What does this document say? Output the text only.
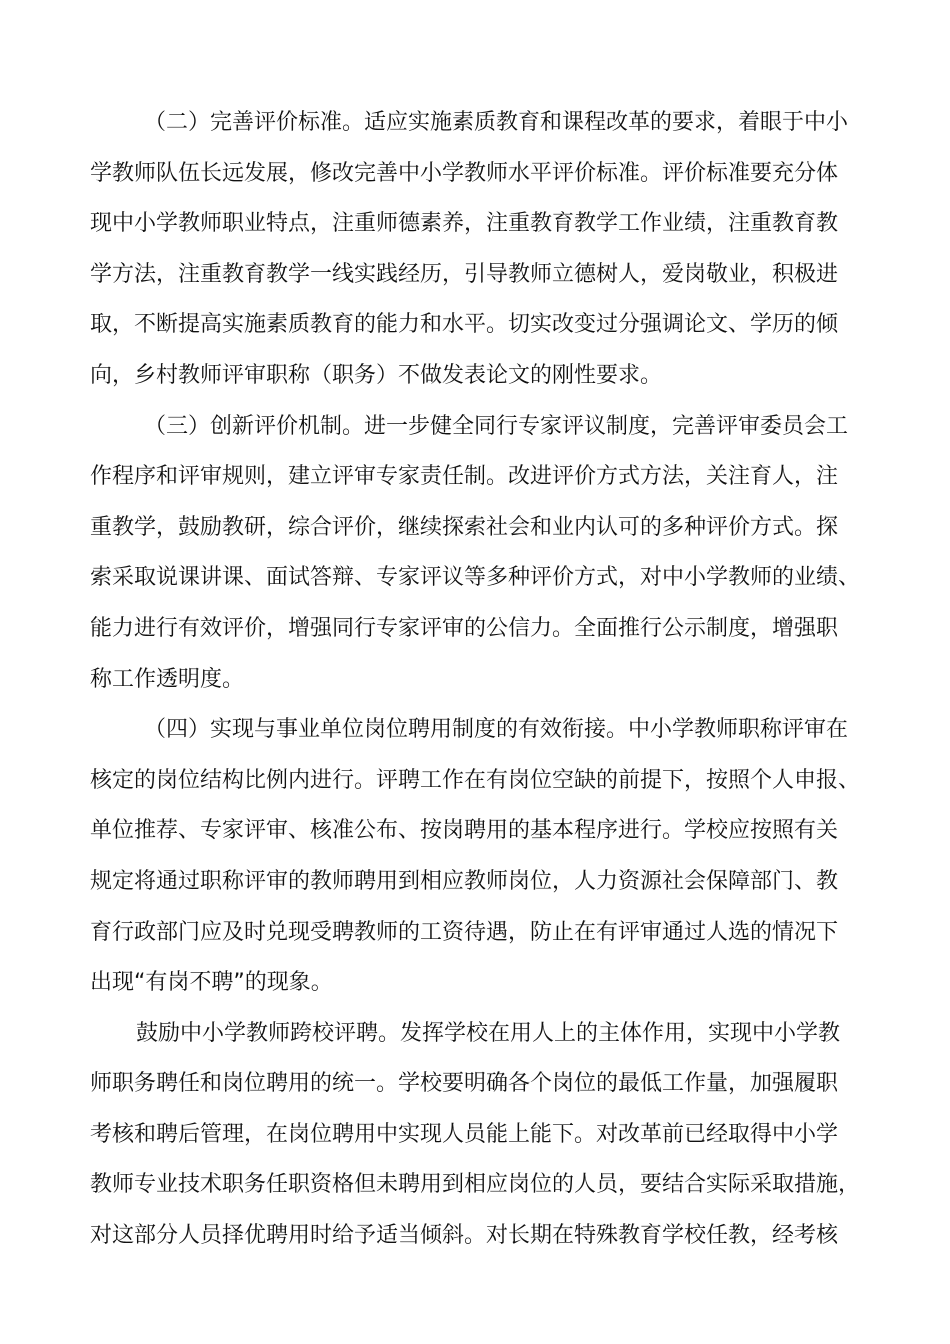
（二）完善评价标准。适应实施素质教育和课程改革的要求，着眼于中小
学教师队伍长远发展，修改完善中小学教师水平评价标准。评价标准要充分体
现中小学教师职业特点，注重师德素养，注重教育教学工作业绩，注重教育教
学方法，注重教育教学一线实践经历，引导教师立德树人，爱岗敬业，积极进
取，不断提高实施素质教育的能力和水平。切实改变过分强调论文、学历的倾
向，乡村教师评审职称（职务）不做发表论文的刚性要求。
（三）创新评价机制。进一步健全同行专家评议制度，完善评审委员会工
作程序和评审规则，建立评审专家责任制。改进评价方式方法，关注育人，注
重教学，鼓励教研，综合评价，继续探索社会和业内认可的多种评价方式。探
索采取说课讲课、面试答辩、专家评议等多种评价方式，对中小学教师的业绩、
能力进行有效评价，增强同行专家评审的公信力。全面推行公示制度，增强职
称工作透明度。
（四）实现与事业单位岗位聘用制度的有效衔接。中小学教师职称评审在
核定的岗位结构比例内进行。评聘工作在有岗位空缺的前提下，按照个人申报、
单位推荐、专家评审、核准公布、按岗聘用的基本程序进行。学校应按照有关
规定将通过职称评审的教师聘用到相应教师岗位，人力资源社会保障部门、教
育行政部门应及时兑现受聘教师的工资待遇，防止在有评审通过人选的情况下
出现“有岗不聘”的现象。
鼓励中小学教师跨校评聘。发挥学校在用人上的主体作用，实现中小学教
师职务聘任和岗位聘用的统一。学校要明确各个岗位的最低工作量，加强履职
考核和聘后管理，在岗位聘用中实现人员能上能下。对改革前已经取得中小学
教师专业技术职务任职资格但未聘用到相应岗位的人员，要结合实际采取措施，
对这部分人员择优聘用时给予适当倾斜。对长期在特殊教育学校任教，经考核
